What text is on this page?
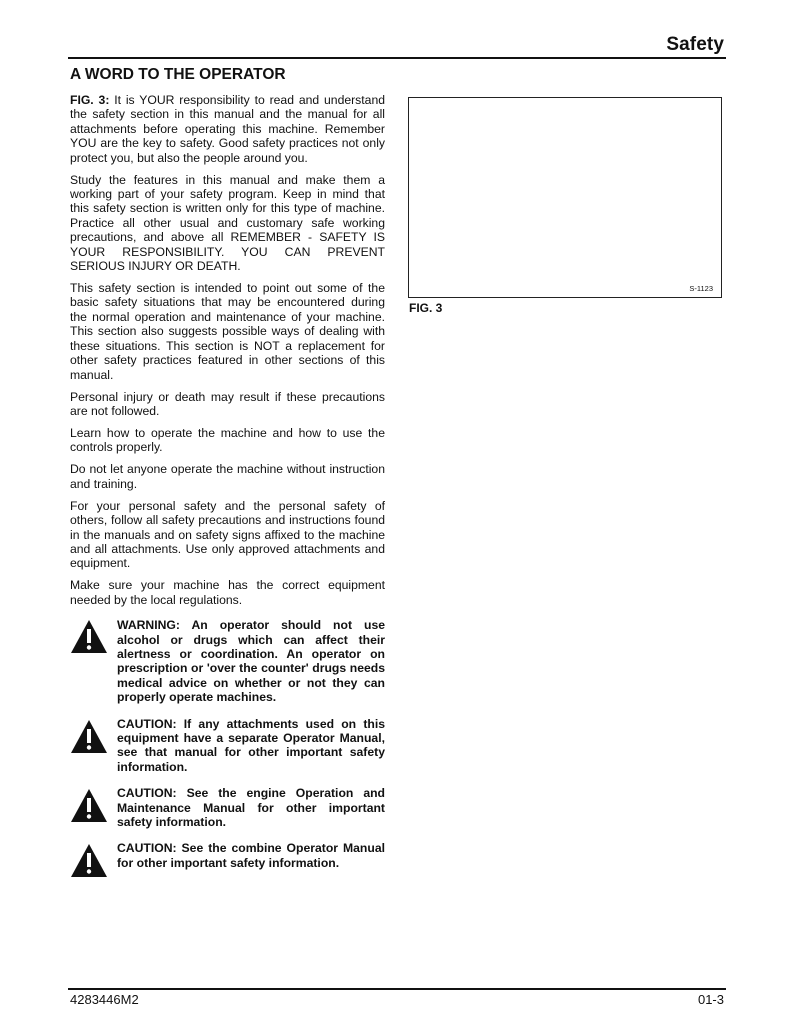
Safety
A WORD TO THE OPERATOR

FIG. 3: It is YOUR responsibility to read and understand the safety section in this manual and the manual for all attachments before operating this machine. Remember YOU are the key to safety. Good safety practices not only protect you, but also the people around you.

Study the features in this manual and make them a working part of your safety program. Keep in mind that this safety section is written only for this type of machine. Practice all other usual and customary safe working precautions, and above all REMEMBER - SAFETY IS YOUR RESPONSIBILITY. YOU CAN PREVENT SERIOUS INJURY OR DEATH.

This safety section is intended to point out some of the basic safety situations that may be encountered during the normal operation and maintenance of your machine. This section also suggests possible ways of dealing with these situations. This section is NOT a replacement for other safety practices featured in other sections of this manual.

Personal injury or death may result if these precautions are not followed.

Learn how to operate the machine and how to use the controls properly.

Do not let anyone operate the machine without instruction and training.

For your personal safety and the personal safety of others, follow all safety precautions and instructions found in the manuals and on safety signs affixed to the machine and all attachments. Use only approved attachments and equipment.

Make sure your machine has the correct equipment needed by the local regulations.

WARNING: An operator should not use alcohol or drugs which can affect their alertness or coordination. An operator on prescription or 'over the counter' drugs needs medical advice on whether or not they can properly operate machines.
CAUTION: If any attachments used on this equipment have a separate Operator Manual, see that manual for other important safety information.
CAUTION: See the engine Operation and Maintenance Manual for other important safety information.
CAUTION: See the combine Operator Manual for other important safety information.
S-1123
FIG. 3
4283446M2	01-3
